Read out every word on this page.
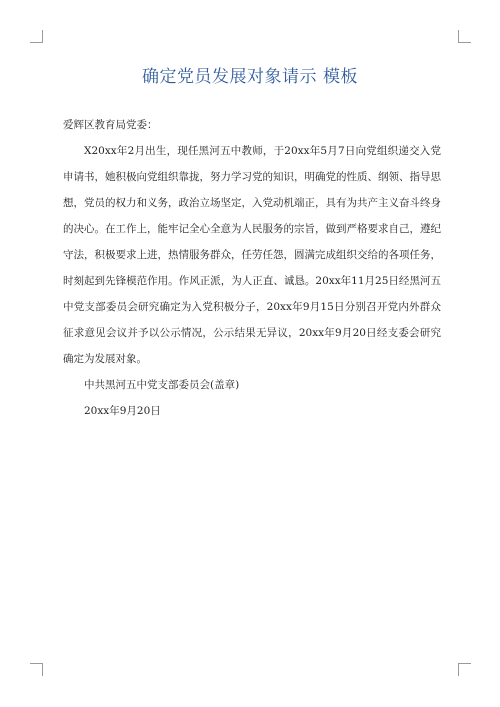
确定党员发展对象请示 模板

爱辉区教育局党委：

X20xx年2月出生，现任黑河五中教师，于20xx年5月7日向党组织递交入党申请书，她积极向党组织靠拢，努力学习党的知识，明确党的性质、纲领、指导思想，党员的权力和义务，政治立场坚定，入党动机端正，具有为共产主义奋斗终身的决心。在工作上，能牢记全心全意为人民服务的宗旨，做到严格要求自己，遵纪守法，积极要求上进，热情服务群众，任劳任怨，圆满完成组织交给的各项任务，时刻起到先锋模范作用。作风正派，为人正直、诚恳。20xx年11月25日经黑河五中党支部委员会研究确定为入党积极分子，20xx年9月15日分别召开党内外群众征求意见会议并予以公示情况，公示结果无异议，20xx年9月20日经支委会研究确定为发展对象。

中共黑河五中党支部委员会(盖章)

20xx年9月20日
